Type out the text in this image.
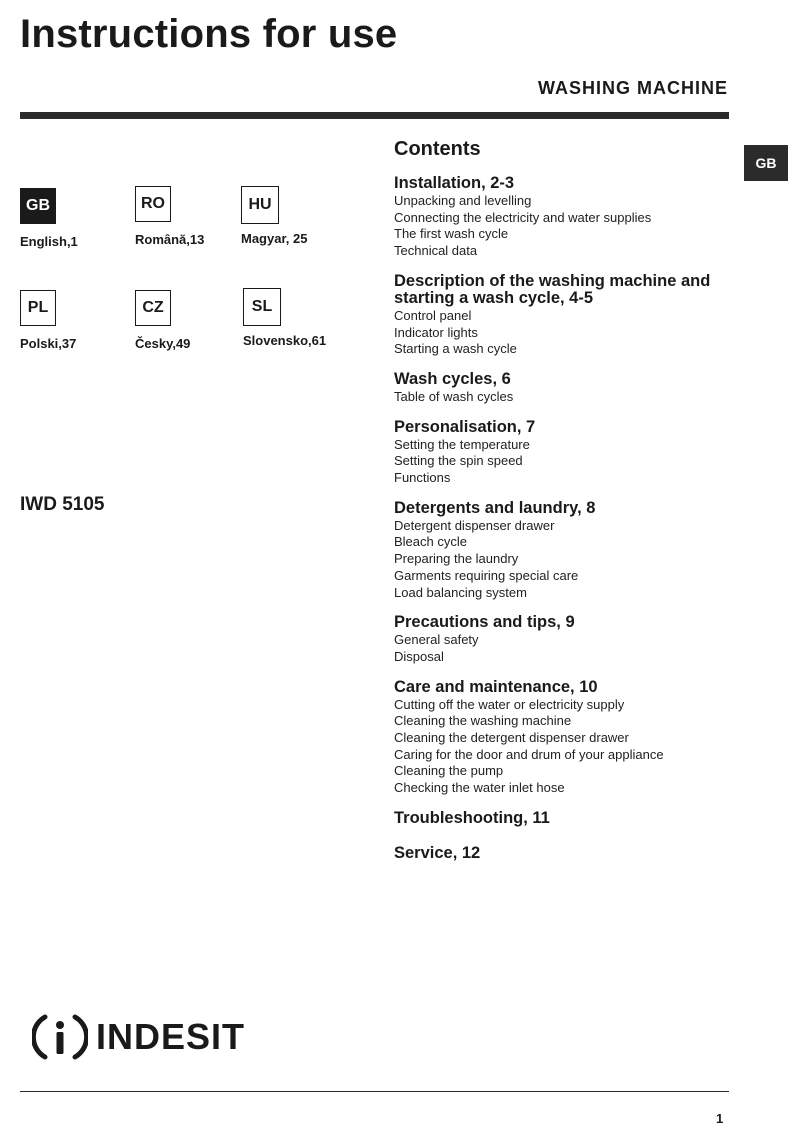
Instructions for use
WASHING MACHINE
GB
GB
English,1
RO
Română,13
HU
Magyar, 25
PL
Polski,37
CZ
Česky,49
SL
Slovensko,61
IWD 5105
Contents
Installation, 2-3
Unpacking and levelling
Connecting the electricity and water supplies
The first wash cycle
Technical data
Description of the washing machine and starting a wash cycle, 4-5
Control panel
Indicator lights
Starting a wash cycle
Wash cycles, 6
Table of wash cycles
Personalisation, 7
Setting the temperature
Setting the spin speed
Functions
Detergents and laundry, 8
Detergent dispenser drawer
Bleach cycle
Preparing the laundry
Garments requiring special care
Load balancing system
Precautions and tips, 9
General safety
Disposal
Care and maintenance, 10
Cutting off the water or electricity supply
Cleaning the washing machine
Cleaning the detergent dispenser drawer
Caring for the door and drum of your appliance
Cleaning the pump
Checking the water inlet hose
Troubleshooting, 11
Service, 12
INDESIT
1
